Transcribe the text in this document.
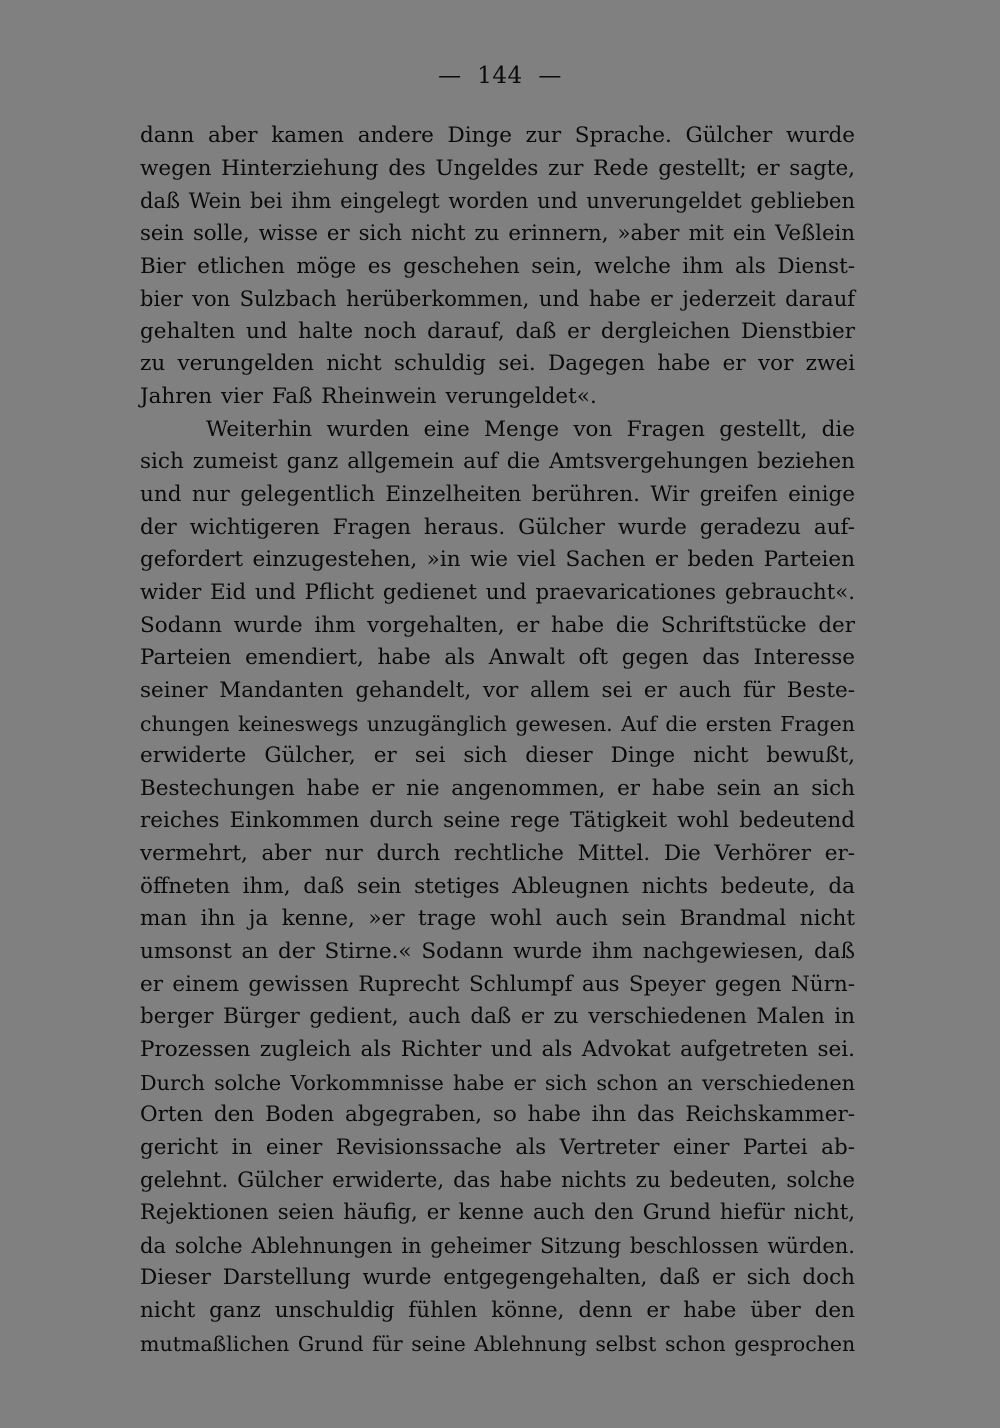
—  144  —
dann aber kamen andere Dinge zur Sprache. Gülcher wurde
wegen Hinterziehung des Ungeldes zur Rede gestellt; er sagte,
daß Wein bei ihm eingelegt worden und unverungeldet geblieben
sein solle, wisse er sich nicht zu erinnern, »aber mit ein Veßlein
Bier etlichen möge es geschehen sein, welche ihm als Dienst-
bier von Sulzbach herüberkommen, und habe er jederzeit darauf
gehalten und halte noch darauf, daß er dergleichen Dienstbier
zu verungelden nicht schuldig sei. Dagegen habe er vor zwei
Jahren vier Faß Rheinwein verungeldet«.
Weiterhin wurden eine Menge von Fragen gestellt, die
sich zumeist ganz allgemein auf die Amtsvergehungen beziehen
und nur gelegentlich Einzelheiten berühren. Wir greifen einige
der wichtigeren Fragen heraus. Gülcher wurde geradezu auf-
gefordert einzugestehen, »in wie viel Sachen er beden Parteien
wider Eid und Pflicht gedienet und praevaricationes gebraucht«.
Sodann wurde ihm vorgehalten, er habe die Schriftstücke der
Parteien emendiert, habe als Anwalt oft gegen das Interesse
seiner Mandanten gehandelt, vor allem sei er auch für Beste-
chungen keineswegs unzugänglich gewesen. Auf die ersten Fragen
erwiderte Gülcher, er sei sich dieser Dinge nicht bewußt,
Bestechungen habe er nie angenommen, er habe sein an sich
reiches Einkommen durch seine rege Tätigkeit wohl bedeutend
vermehrt, aber nur durch rechtliche Mittel. Die Verhörer er-
öffneten ihm, daß sein stetiges Ableugnen nichts bedeute, da
man ihn ja kenne, »er trage wohl auch sein Brandmal nicht
umsonst an der Stirne.« Sodann wurde ihm nachgewiesen, daß
er einem gewissen Ruprecht Schlumpf aus Speyer gegen Nürn-
berger Bürger gedient, auch daß er zu verschiedenen Malen in
Prozessen zugleich als Richter und als Advokat aufgetreten sei.
Durch solche Vorkommnisse habe er sich schon an verschiedenen
Orten den Boden abgegraben, so habe ihn das Reichskammer-
gericht in einer Revisionssache als Vertreter einer Partei ab-
gelehnt. Gülcher erwiderte, das habe nichts zu bedeuten, solche
Rejektionen seien häufig, er kenne auch den Grund hiefür nicht,
da solche Ablehnungen in geheimer Sitzung beschlossen würden.
Dieser Darstellung wurde entgegengehalten, daß er sich doch
nicht ganz unschuldig fühlen könne, denn er habe über den
mutmaßlichen Grund für seine Ablehnung selbst schon gesprochen
